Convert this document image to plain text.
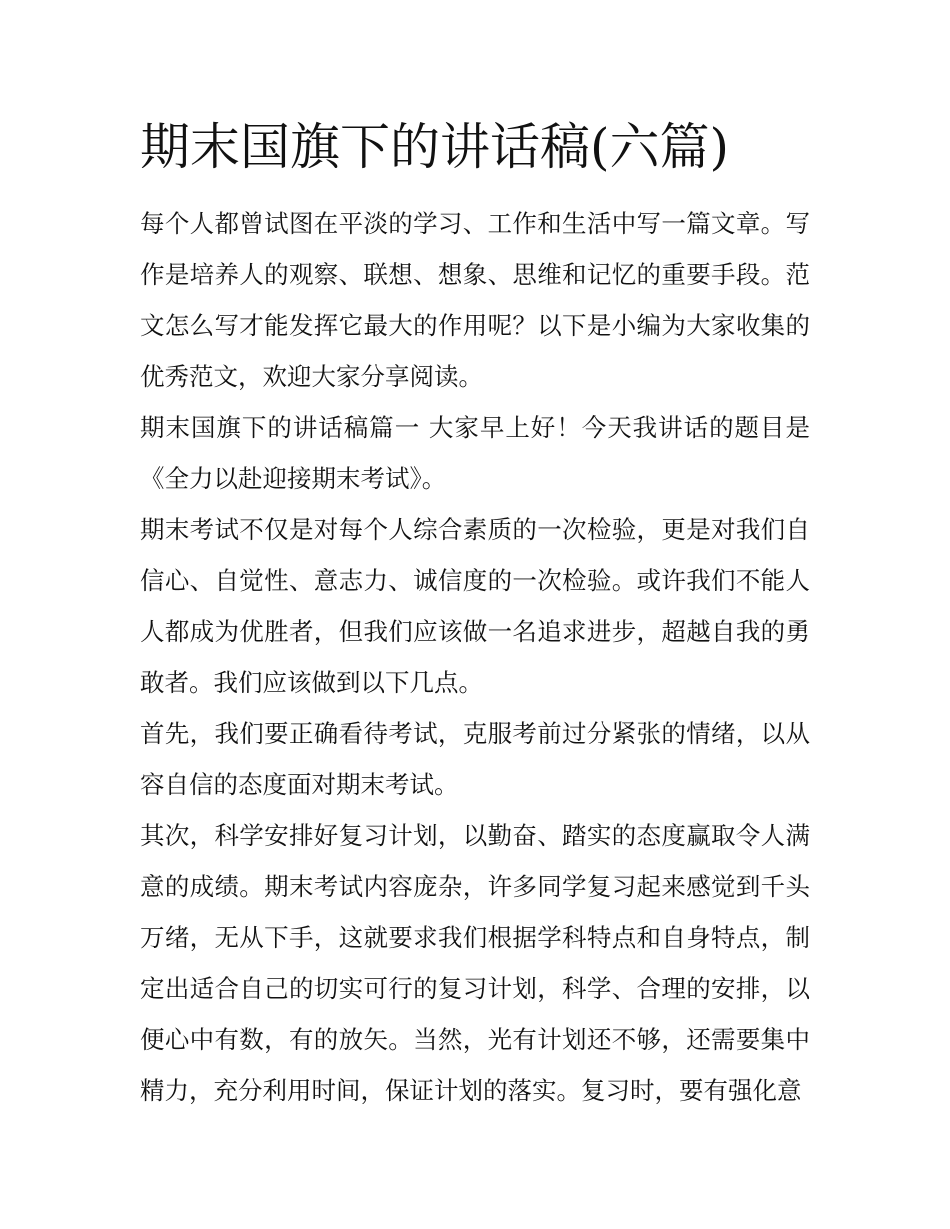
期末国旗下的讲话稿(六篇)

每个人都曾试图在平淡的学习、工作和生活中写一篇文章。写作是培养人的观察、联想、想象、思维和记忆的重要手段。范文怎么写才能发挥它最大的作用呢？以下是小编为大家收集的优秀范文，欢迎大家分享阅读。

期末国旗下的讲话稿篇一 大家早上好！今天我讲话的题目是《全力以赴迎接期末考试》。

期末考试不仅是对每个人综合素质的一次检验，更是对我们自信心、自觉性、意志力、诚信度的一次检验。或许我们不能人人都成为优胜者，但我们应该做一名追求进步，超越自我的勇敢者。我们应该做到以下几点。

首先，我们要正确看待考试，克服考前过分紧张的情绪，以从容自信的态度面对期末考试。

其次，科学安排好复习计划，以勤奋、踏实的态度赢取令人满意的成绩。期末考试内容庞杂，许多同学复习起来感觉到千头万绪，无从下手，这就要求我们根据学科特点和自身特点，制定出适合自己的切实可行的复习计划，科学、合理的安排，以便心中有数，有的放矢。当然，光有计划还不够，还需要集中精力，充分利用时间，保证计划的落实。复习时，要有强化意
